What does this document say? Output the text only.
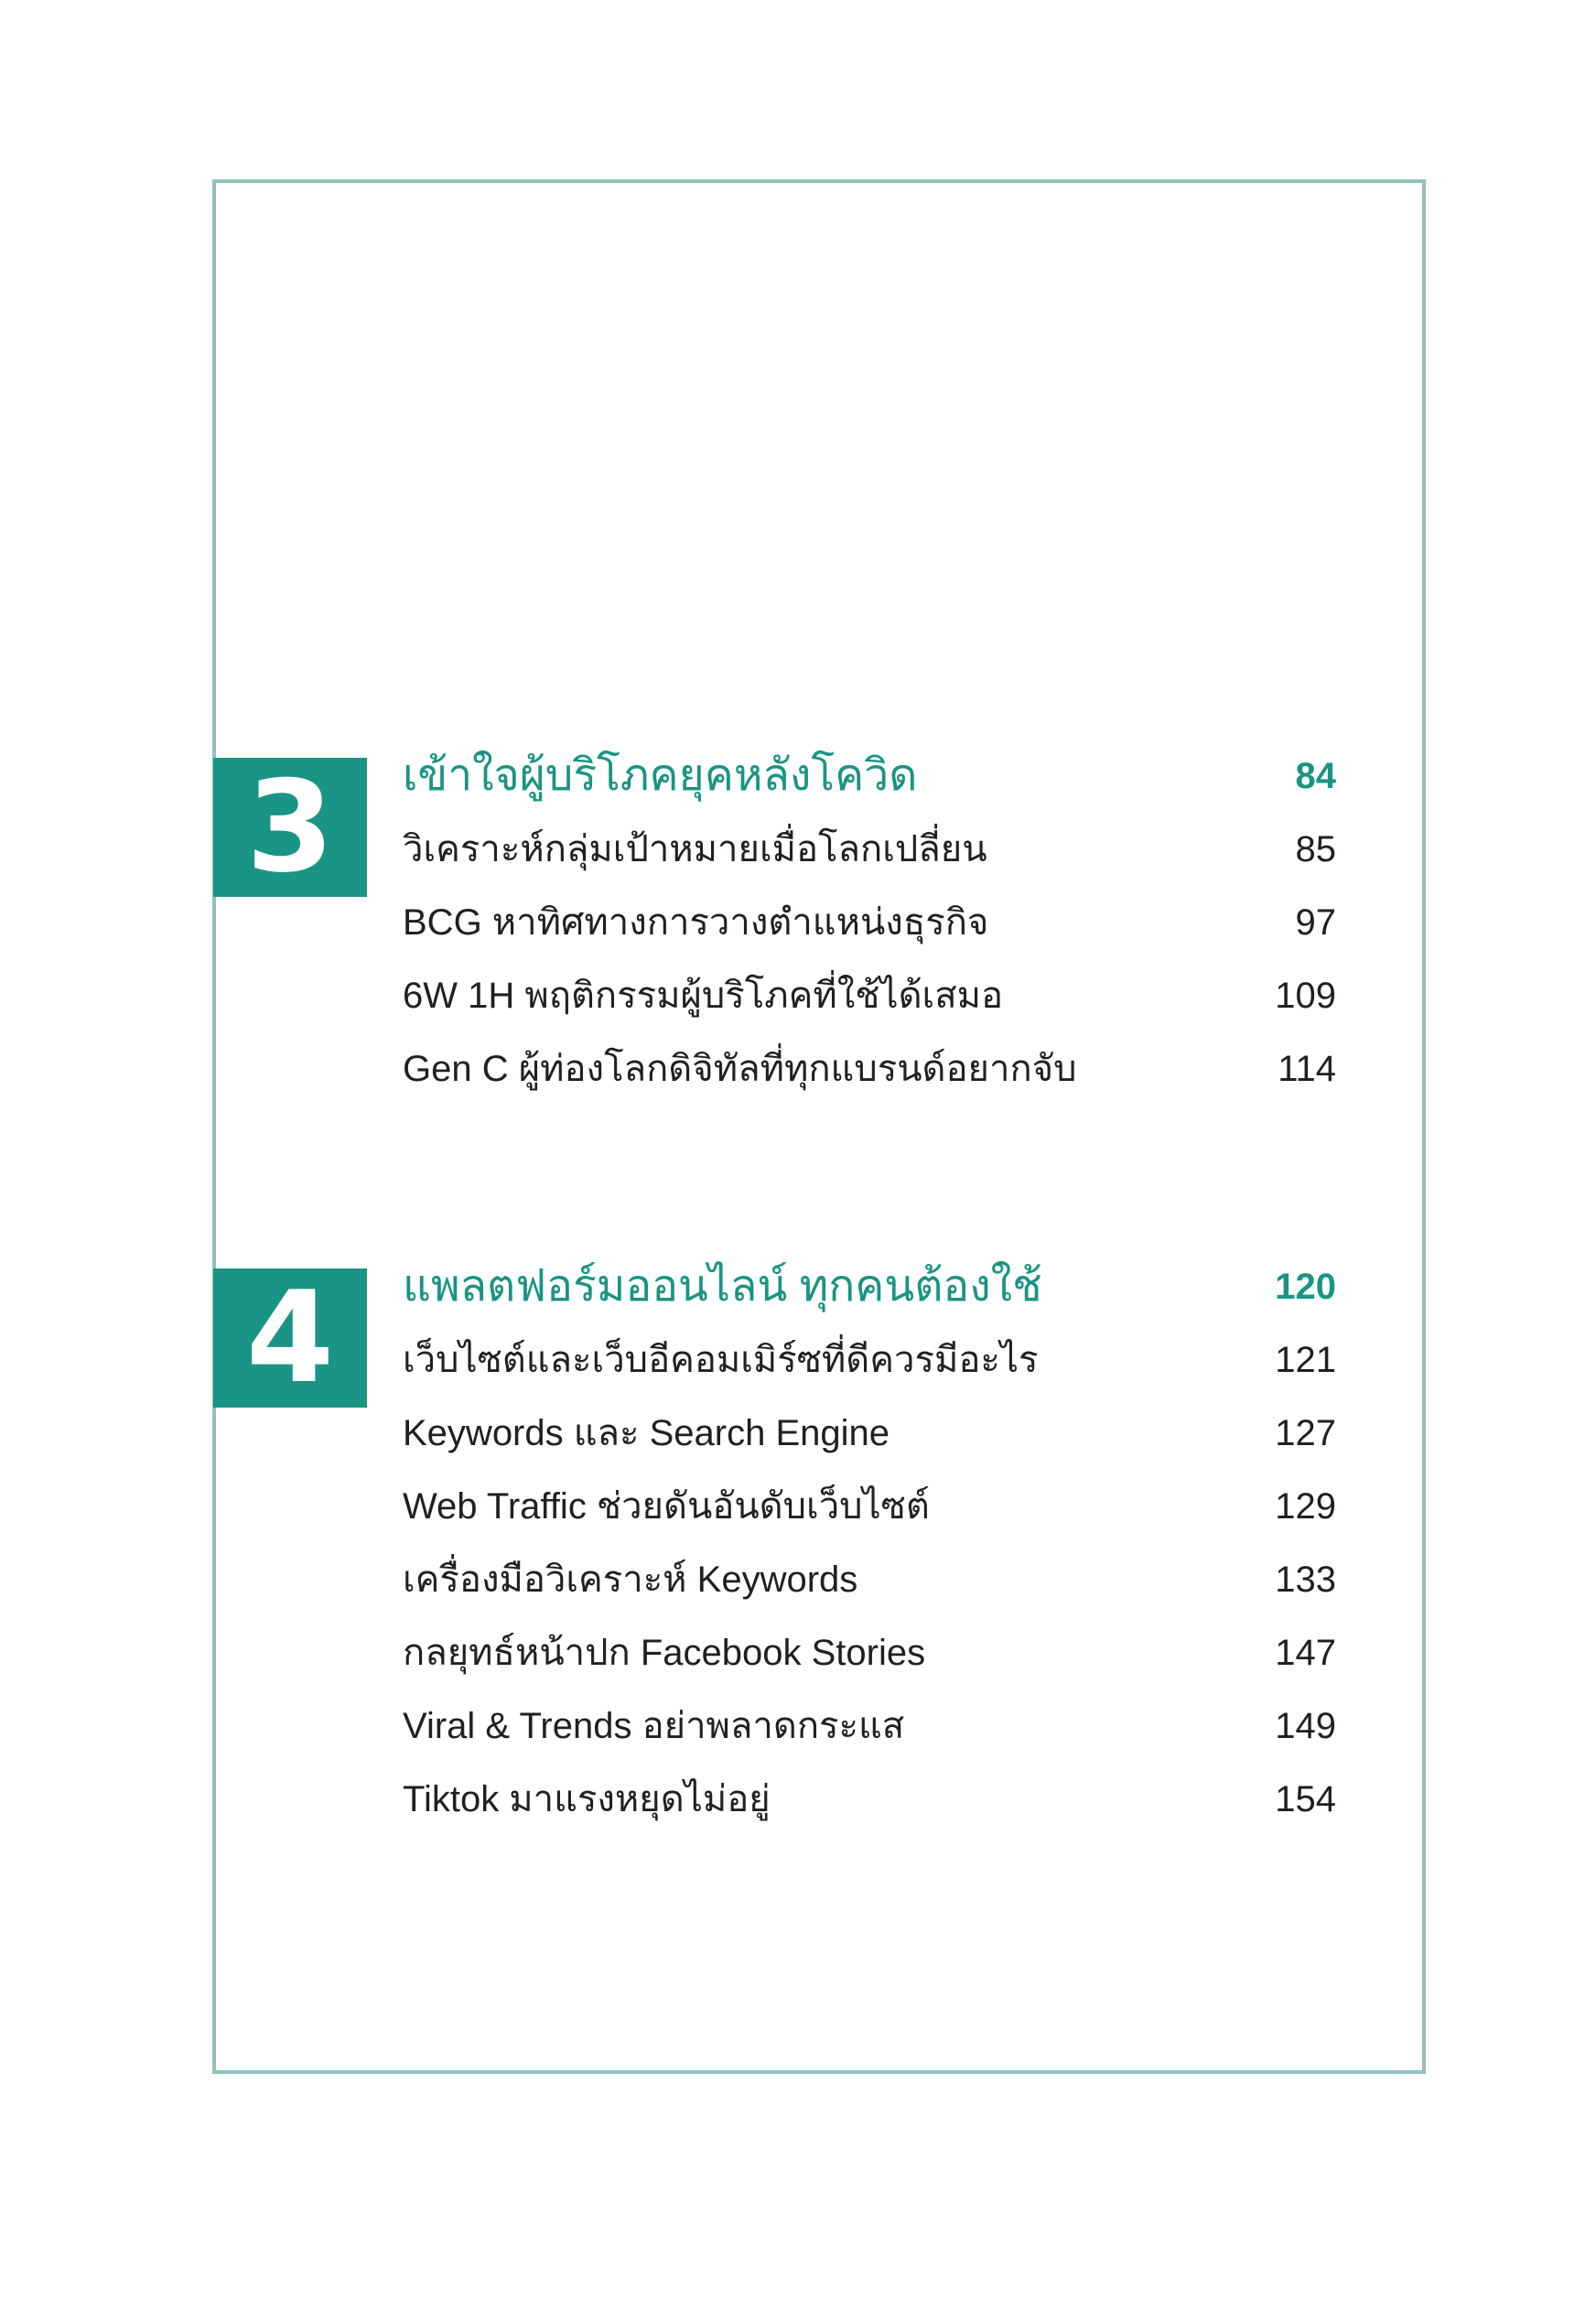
3	เข้าใจผู้บริโภคยุคหลังโควิด	84
วิเคราะห์กลุ่มเป้าหมายเมื่อโลกเปลี่ยน	85
BCG หาทิศทางการวางตำแหน่งธุรกิจ	97
6W 1H พฤติกรรมผู้บริโภคที่ใช้ได้เสมอ	109
Gen C ผู้ท่องโลกดิจิทัลที่ทุกแบรนด์อยากจับ	114
4	แพลตฟอร์มออนไลน์ ทุกคนต้องใช้	120
เว็บไซต์และเว็บอีคอมเมิร์ซที่ดีควรมีอะไร	121
Keywords และ Search Engine	127
Web Traffic ช่วยดันอันดับเว็บไซต์	129
เครื่องมือวิเคราะห์ Keywords	133
กลยุทธ์หน้าปก Facebook Stories	147
Viral & Trends อย่าพลาดกระแส	149
Tiktok มาแรงหยุดไม่อยู่	154
